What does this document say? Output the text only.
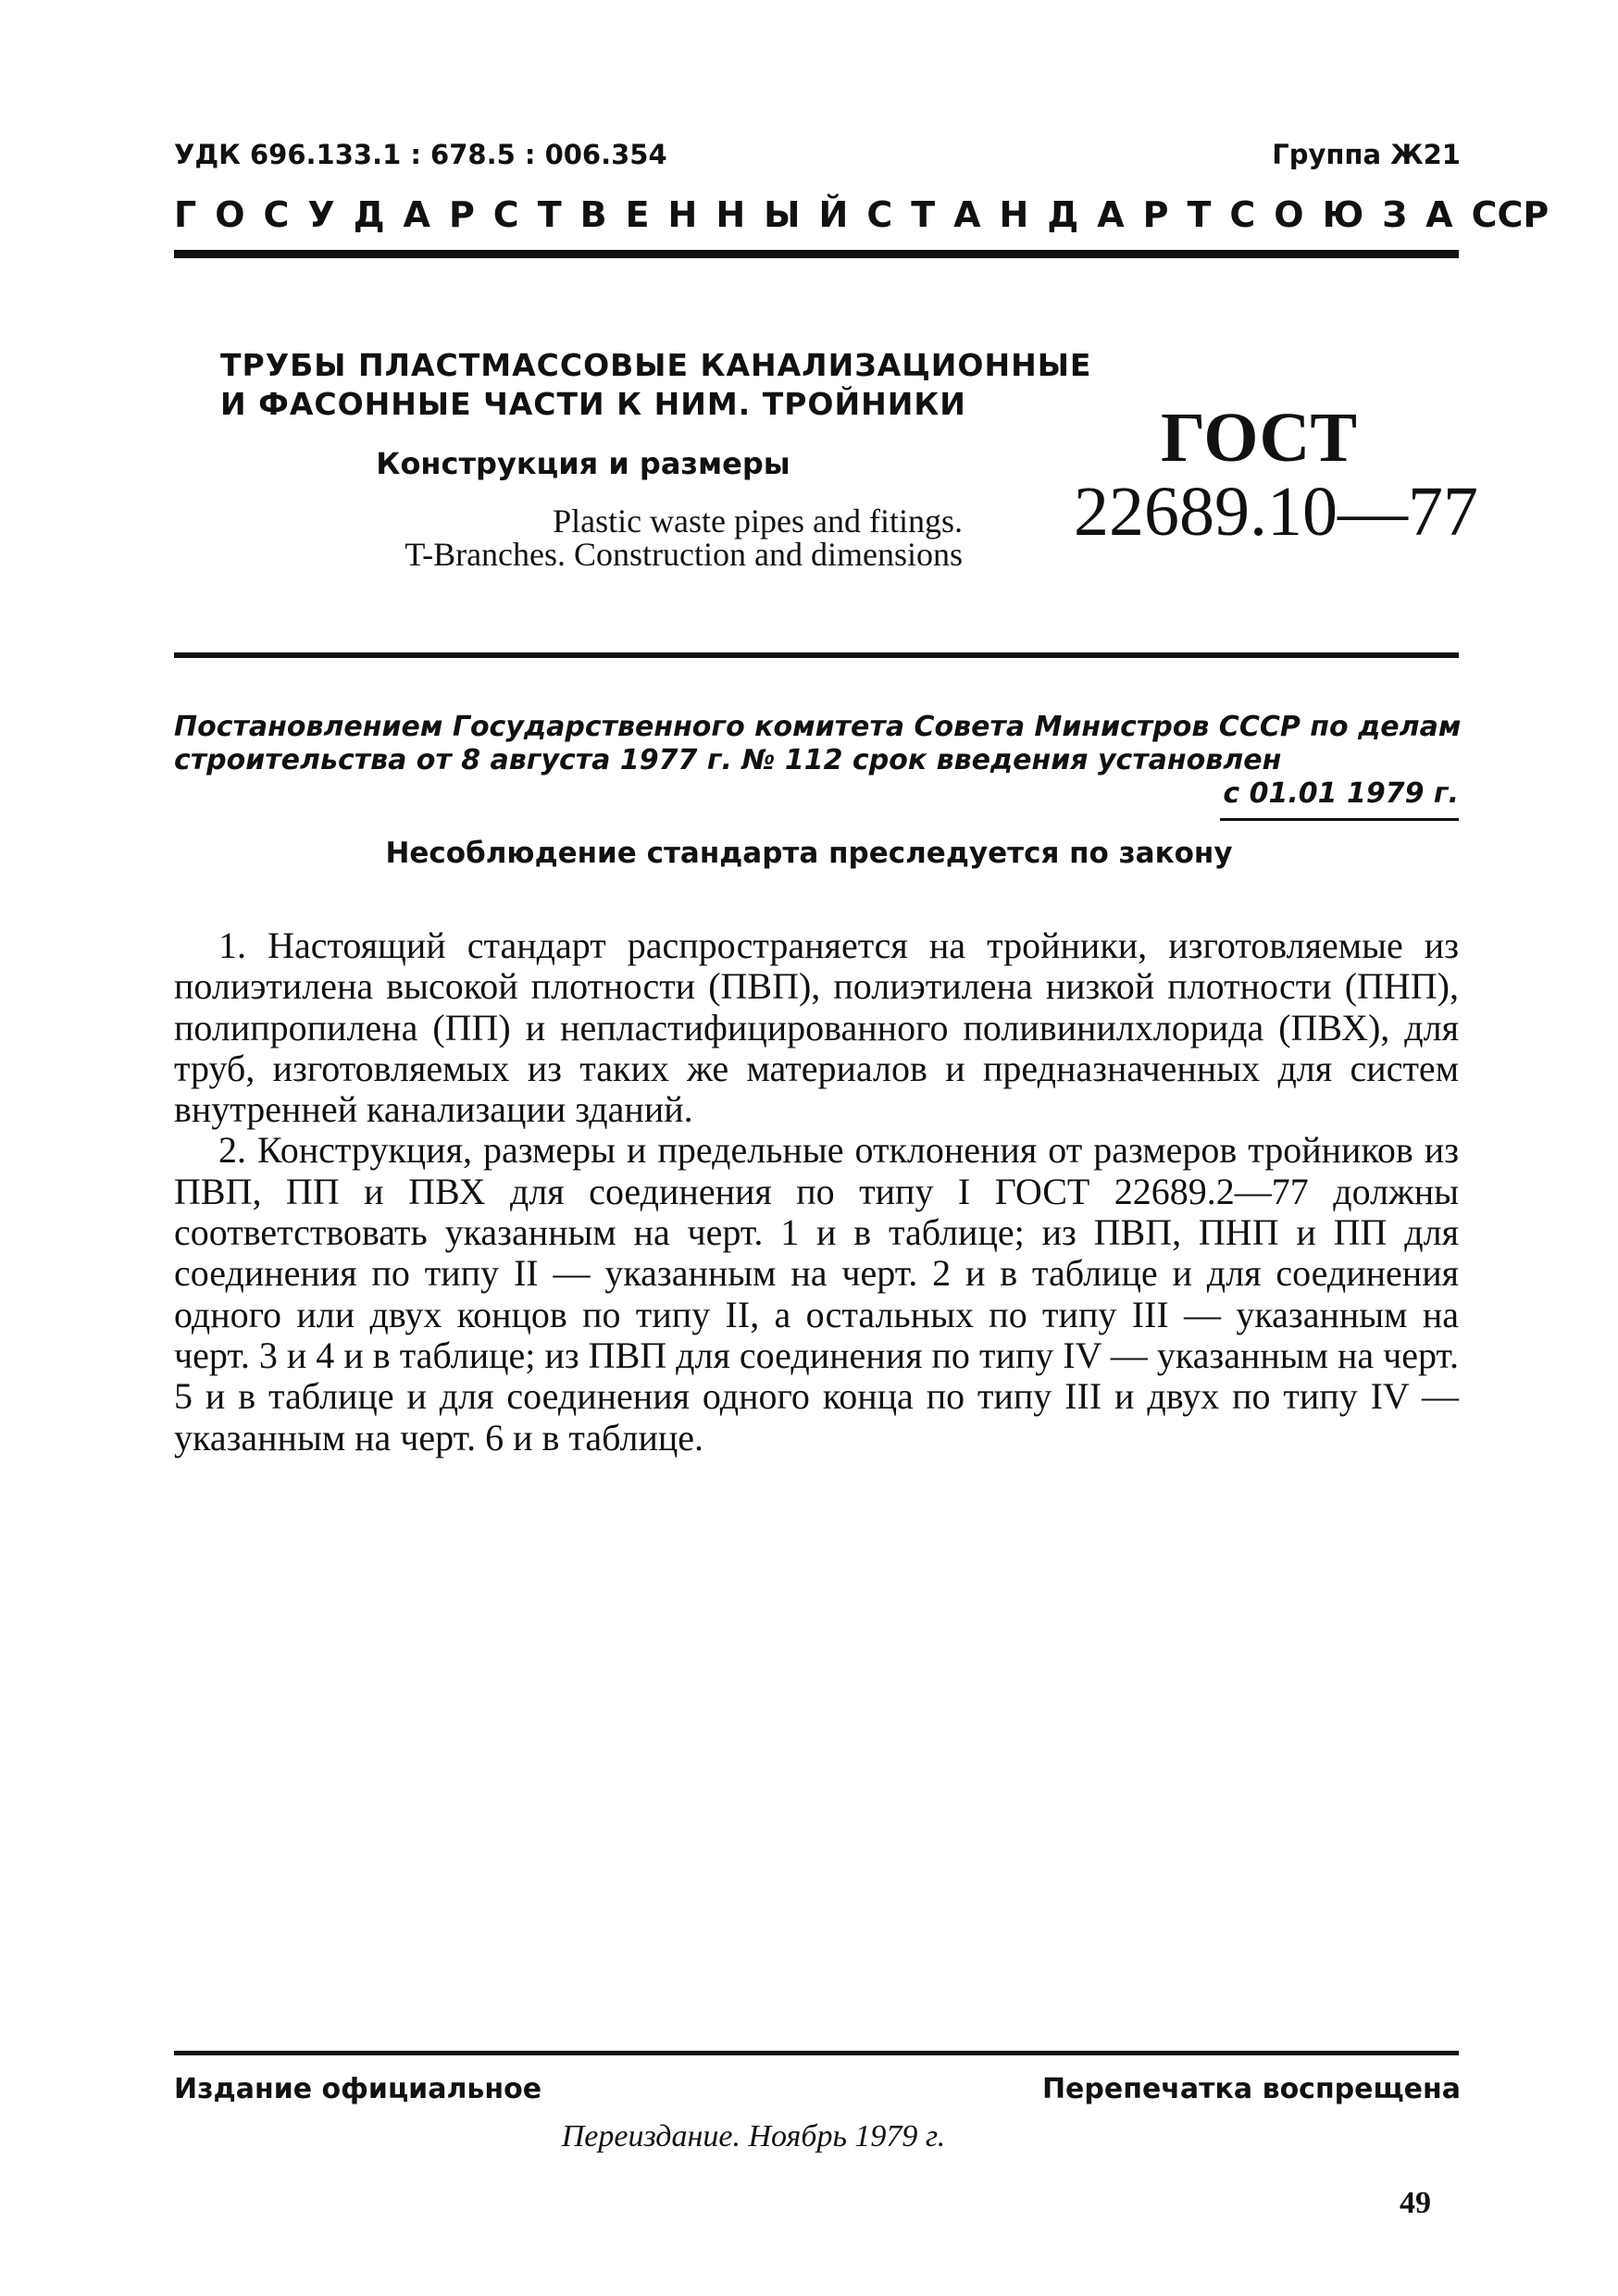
УДК 696.133.1 : 678.5 : 006.354	Группа Ж21
ГОСУДАРСТВЕННЫЙ СТАНДАРТ СОЮЗА ССР
ТРУБЫ ПЛАСТМАССОВЫЕ КАНАЛИЗАЦИОННЫЕ
И ФАСОННЫЕ ЧАСТИ К НИМ. ТРОЙНИКИ
Конструкция и размеры
Plastic waste pipes and fitings.
T-Branches. Construction and dimensions
ГОСТ
22689.10—77
Постановлением Государственного комитета Совета Министров СССР по делам
строительства от 8 августа 1977 г. № 112 срок введения установлен
с 01.01 1979 г.
Несоблюдение стандарта преследуется по закону

1. Настоящий стандарт распространяется на тройники, изготовляемые из полиэтилена высокой плотности (ПВП), полиэтилена низкой плотности (ПНП), полипропилена (ПП) и непластифицированного поливинилхлорида (ПВХ), для труб, изготовляемых из таких же материалов и предназначенных для систем внутренней канализации зданий.

2. Конструкция, размеры и предельные отклонения от размеров тройников из ПВП, ПП и ПВХ для соединения по типу I ГОСТ 22689.2—77 должны соответствовать указанным на черт. 1 и в таблице; из ПВП, ПНП и ПП для соединения по типу II — указанным на черт. 2 и в таблице и для соединения одного или двух концов по типу II, а остальных по типу III — указанным на черт. 3 и 4 и в таблице; из ПВП для соединения по типу IV — указанным на черт. 5 и в таблице и для соединения одного конца по типу III и двух по типу IV — указанным на черт. 6 и в таблице.

Издание официальное	Перепечатка воспрещена
Переиздание. Ноябрь 1979 г.
49
